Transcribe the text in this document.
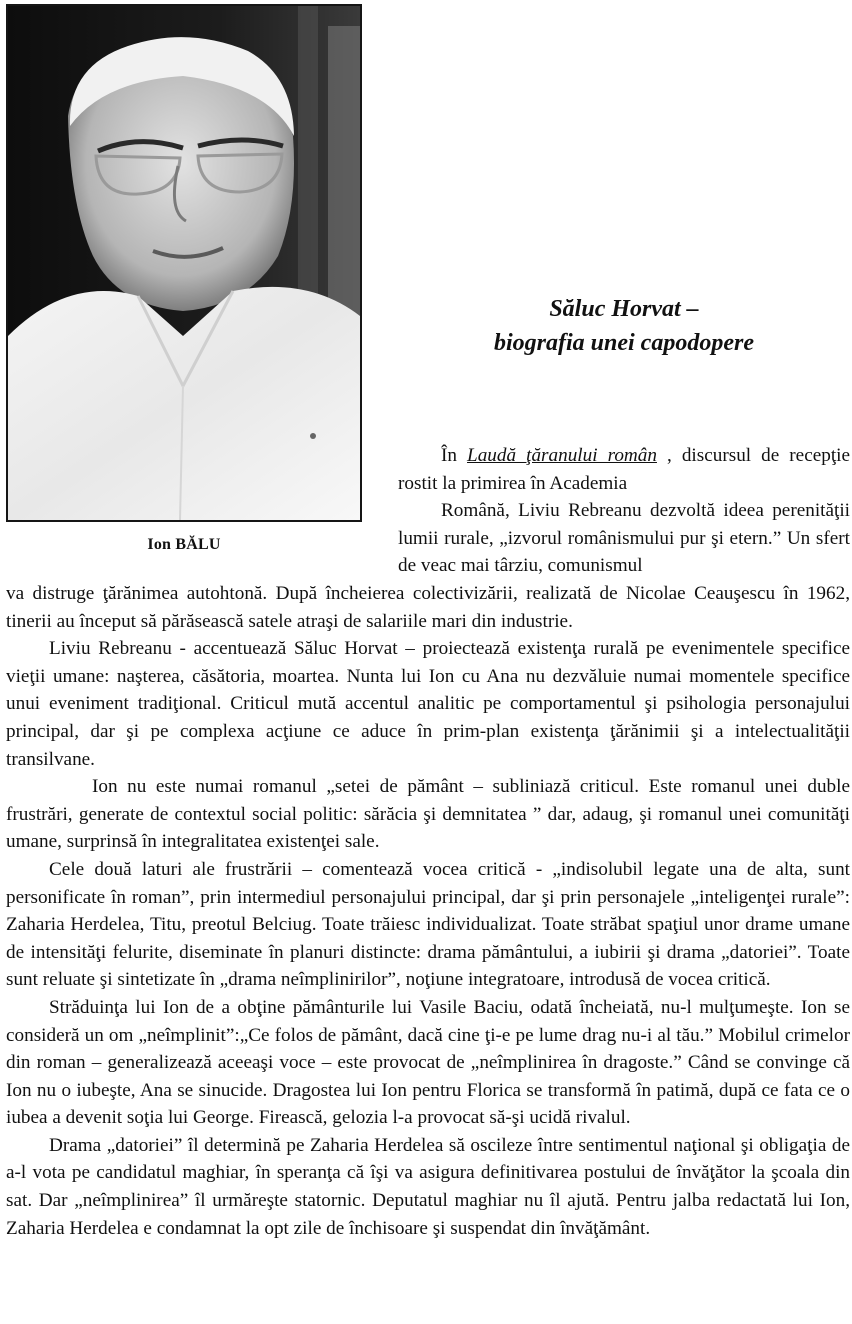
Ion BĂLU
Săluc Horvat –
biografia unei capodopere

În Laudă ţăranului român , discursul de recepţie rostit la primirea în Academia

Română, Liviu Rebreanu dezvoltă ideea perenităţii lumii rurale, „izvorul românismului pur şi etern.” Un sfert de veac mai târziu, comunismul

va distruge ţărănimea autohtonă. După încheierea colectivizării, realizată de Nicolae Ceauşescu în 1962, tinerii au început să părăsească satele atraşi de salariile mari din industrie.

Liviu Rebreanu - accentuează Săluc Horvat – proiectează existenţa rurală pe evenimentele specifice vieţii umane: naşterea, căsătoria, moartea. Nunta lui Ion cu Ana nu dezvăluie numai momentele specifice unui eveniment tradiţional. Criticul mută accentul analitic pe comportamentul şi psihologia personajului principal, dar şi pe complexa acţiune ce aduce în prim-plan existenţa ţărănimii şi a intelectualităţii transilvane.

Ion nu este numai romanul „setei de pământ – subliniază criticul. Este romanul unei duble frustrări, generate de contextul social politic: sărăcia şi demnitatea ” dar, adaug, şi romanul unei comunităţi umane, surprinsă în integralitatea existenţei sale.

Cele două laturi ale frustrării – comentează vocea critică - „indisolubil legate una de alta, sunt personificate în roman”, prin intermediul personajului principal, dar şi prin personajele „inteligenţei rurale”: Zaharia Herdelea, Titu, preotul Belciug. Toate trăiesc individualizat. Toate străbat spaţiul unor drame umane de intensităţi felurite, diseminate în planuri distincte: drama pământului, a iubirii şi drama „datoriei”. Toate sunt reluate şi sintetizate în „drama neîmplinirilor”, noţiune integratoare, introdusă de vocea critică.

Străduinţa lui Ion de a obţine pământurile lui Vasile Baciu, odată încheiată, nu-l mulţumeşte. Ion se consideră un om „neîmplinit”:„Ce folos de pământ, dacă cine ţi-e pe lume drag nu-i al tău.” Mobilul crimelor din roman – generalizează aceeaşi voce – este provocat de „neîmplinirea în dragoste.” Când se convinge că Ion nu o iubeşte, Ana se sinucide. Dragostea lui Ion pentru Florica se transformă în patimă, după ce fata ce o iubea a devenit soţia lui George. Firească, gelozia l-a provocat să-şi ucidă rivalul.

Drama „datoriei” îl determină pe Zaharia Herdelea să oscileze între sentimentul naţional şi obligaţia de a-l vota pe candidatul maghiar, în speranţa că îşi va asigura definitivarea postului de învăţător la şcoala din sat. Dar „neîmplinirea” îl urmăreşte statornic. Deputatul maghiar nu îl ajută. Pentru jalba redactată lui Ion, Zaharia Herdelea e condamnat la opt zile de închisoare şi suspendat din învăţământ.
